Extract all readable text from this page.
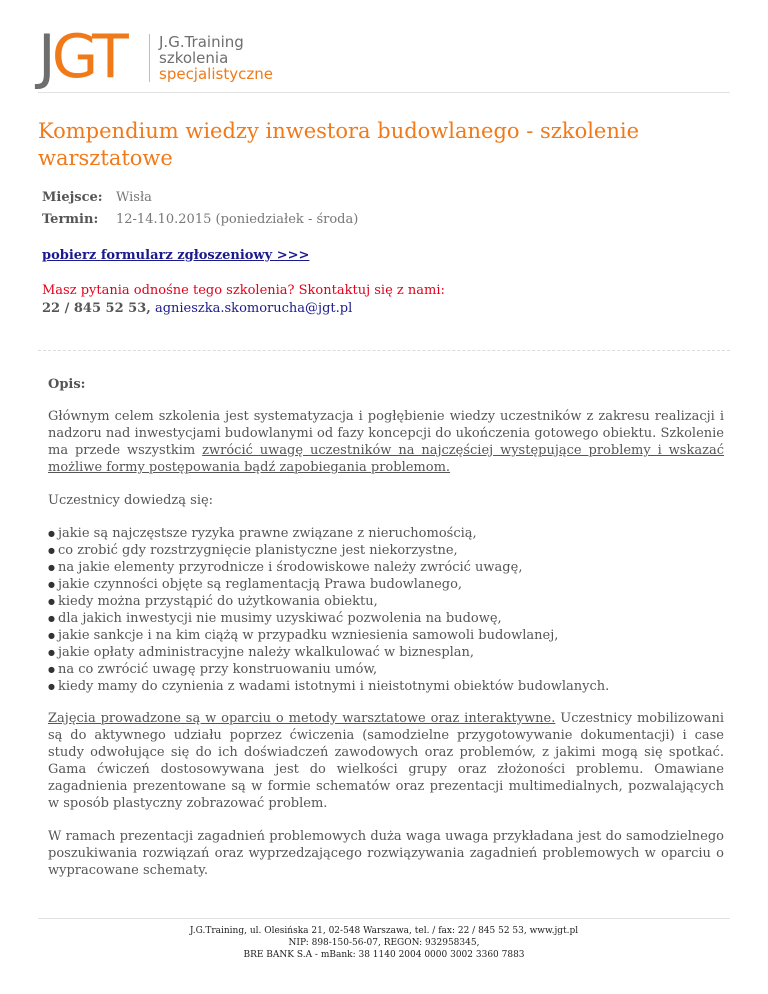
JGT J.G.Training
szkolenia
specjalistyczne
Kompendium wiedzy inwestora budowlanego - szkolenie warsztatowe
Miejsce: Wisła
Termin: 12-14.10.2015 (poniedziałek - środa)
pobierz formularz zgłoszeniowy >>>
Masz pytania odnośne tego szkolenia? Skontaktuj się z nami:
22 / 845 52 53, agnieszka.skomorucha@jgt.pl
Opis:

Głównym celem szkolenia jest systematyzacja i pogłębienie wiedzy uczestników z zakresu realizacji i nadzoru nad inwestycjami budowlanymi od fazy koncepcji do ukończenia gotowego obiektu. Szkolenie ma przede wszystkim zwrócić uwagę uczestników na najczęściej występujące problemy i wskazać możliwe formy postępowania bądź zapobiegania problemom.

Uczestnicy dowiedzą się:

● jakie są najczęstsze ryzyka prawne związane z nieruchomością,
● co zrobić gdy rozstrzygnięcie planistyczne jest niekorzystne,
● na jakie elementy przyrodnicze i środowiskowe należy zwrócić uwagę,
● jakie czynności objęte są reglamentacją Prawa budowlanego,
● kiedy można przystąpić do użytkowania obiektu,
● dla jakich inwestycji nie musimy uzyskiwać pozwolenia na budowę,
● jakie sankcje i na kim ciążą w przypadku wzniesienia samowoli budowlanej,
● jakie opłaty administracyjne należy wkalkulować w biznesplan,
● na co zwrócić uwagę przy konstruowaniu umów,
● kiedy mamy do czynienia z wadami istotnymi i nieistotnymi obiektów budowlanych.

Zajęcia prowadzone są w oparciu o metody warsztatowe oraz interaktywne. Uczestnicy mobilizowani są do aktywnego udziału poprzez ćwiczenia (samodzielne przygotowywanie dokumentacji) i case study odwołujące się do ich doświadczeń zawodowych oraz problemów, z jakimi mogą się spotkać. Gama ćwiczeń dostosowywana jest do wielkości grupy oraz złożoności problemu. Omawiane zagadnienia prezentowane są w formie schematów oraz prezentacji multimedialnych, pozwalających w sposób plastyczny zobrazować problem.

W ramach prezentacji zagadnień problemowych duża waga uwaga przykładana jest do samodzielnego poszukiwania rozwiązań oraz wyprzedzającego rozwiązywania zagadnień problemowych w oparciu o wypracowane schematy.

J.G.Training, ul. Olesińska 21, 02-548 Warszawa, tel. / fax: 22 / 845 52 53, www.jgt.pl
NIP: 898-150-56-07, REGON: 932958345,
BRE BANK S.A - mBank: 38 1140 2004 0000 3002 3360 7883
